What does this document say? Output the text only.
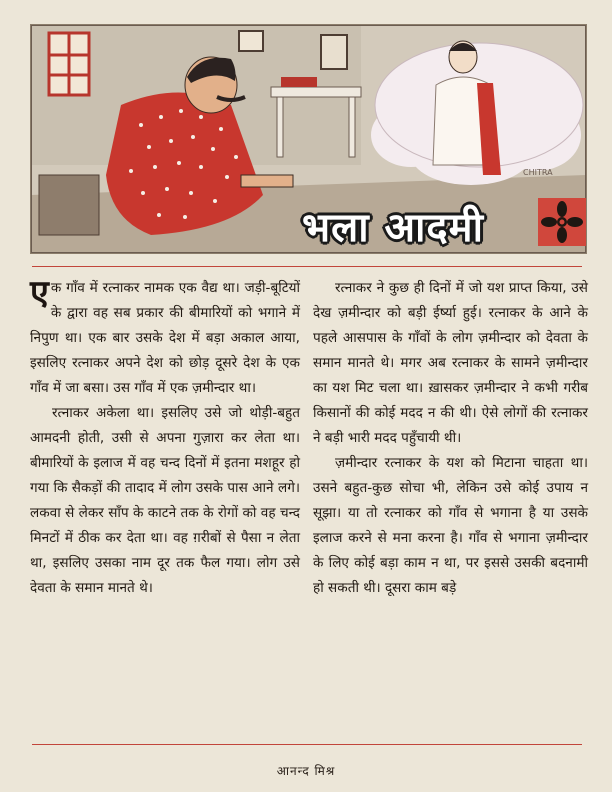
CHITRA
भला आदमी

एक गाँव में रत्नाकर नामक एक वैद्य था। जड़ी-बूटियों के द्वारा वह सब प्रकार की बीमारियों को भगाने में निपुण था। एक बार उसके देश में बड़ा अकाल आया, इसलिए रत्नाकर अपने देश को छोड़ दूसरे देश के एक गाँव में जा बसा। उस गाँव में एक ज़मीन्दार था।

रत्नाकर अकेला था। इसलिए उसे जो थोड़ी-बहुत आमदनी होती, उसी से अपना गुज़ारा कर लेता था। बीमारियों के इलाज में वह चन्द दिनों में इतना मशहूर हो गया कि सैकड़ों की तादाद में लोग उसके पास आने लगे। लकवा से लेकर साँप के काटने तक के रोगों को वह चन्द मिनटों में ठीक कर देता था। वह ग़रीबों से पैसा न लेता था, इसलिए उसका नाम दूर तक फैल गया। लोग उसे देवता के समान मानते थे।

रत्नाकर ने कुछ ही दिनों में जो यश प्राप्त किया, उसे देख ज़मीन्दार को बड़ी ईर्ष्या हुई। रत्नाकर के आने के पहले आसपास के गाँवों के लोग ज़मीन्दार को देवता के समान मानते थे। मगर अब रत्नाकर के सामने ज़मीन्दार का यश मिट चला था। ख़ासकर ज़मीन्दार ने कभी गरीब किसानों की कोई मदद न की थी। ऐसे लोगों की रत्नाकर ने बड़ी भारी मदद पहुँचायी थी।

ज़मीन्दार रत्नाकर के यश को मिटाना चाहता था। उसने बहुत-कुछ सोचा भी, लेकिन उसे कोई उपाय न सूझा। या तो रत्नाकर को गाँव से भगाना है या उसके इलाज करने से मना करना है। गाँव से भगाना ज़मीन्दार के लिए कोई बड़ा काम न था, पर इससे उसकी बदनामी हो सकती थी। दूसरा काम बड़े

आनन्द मिश्र
